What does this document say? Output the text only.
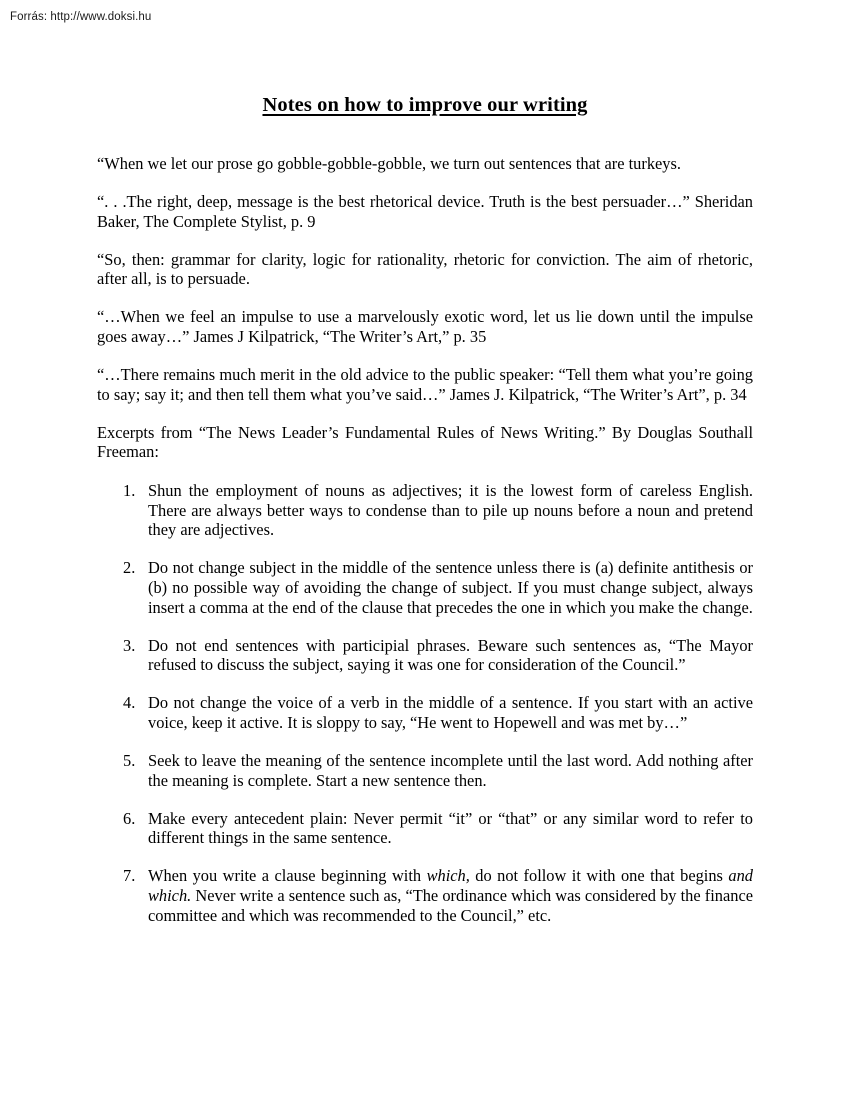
Forrás: http://www.doksi.hu
Notes on how to improve our writing

“When we let our prose go gobble-gobble-gobble, we turn out sentences that are turkeys.

“. . .The right, deep, message is the best rhetorical device. Truth is the best persuader…” Sheridan Baker, The Complete Stylist, p. 9

“So, then: grammar for clarity, logic for rationality, rhetoric for conviction. The aim of rhetoric, after all, is to persuade.

“…When we feel an impulse to use a marvelously exotic word, let us lie down until the impulse goes away…” James J Kilpatrick, “The Writer’s Art,” p. 35

“…There remains much merit in the old advice to the public speaker: “Tell them what you’re going to say; say it; and then tell them what you’ve said…” James J. Kilpatrick, “The Writer’s Art”, p. 34

Excerpts from “The News Leader’s Fundamental Rules of News Writing.” By Douglas Southall Freeman:

Shun the employment of nouns as adjectives; it is the lowest form of careless English. There are always better ways to condense than to pile up nouns before a noun and pretend they are adjectives.
Do not change subject in the middle of the sentence unless there is (a) definite antithesis or (b) no possible way of avoiding the change of subject. If you must change subject, always insert a comma at the end of the clause that precedes the one in which you make the change.
Do not end sentences with participial phrases. Beware such sentences as, “The Mayor refused to discuss the subject, saying it was one for consideration of the Council.”
Do not change the voice of a verb in the middle of a sentence. If you start with an active voice, keep it active. It is sloppy to say, “He went to Hopewell and was met by…”
Seek to leave the meaning of the sentence incomplete until the last word. Add nothing after the meaning is complete. Start a new sentence then.
Make every antecedent plain: Never permit “it” or “that” or any similar word to refer to different things in the same sentence.
When you write a clause beginning with which, do not follow it with one that begins and which. Never write a sentence such as, “The ordinance which was considered by the finance committee and which was recommended to the Council,” etc.
